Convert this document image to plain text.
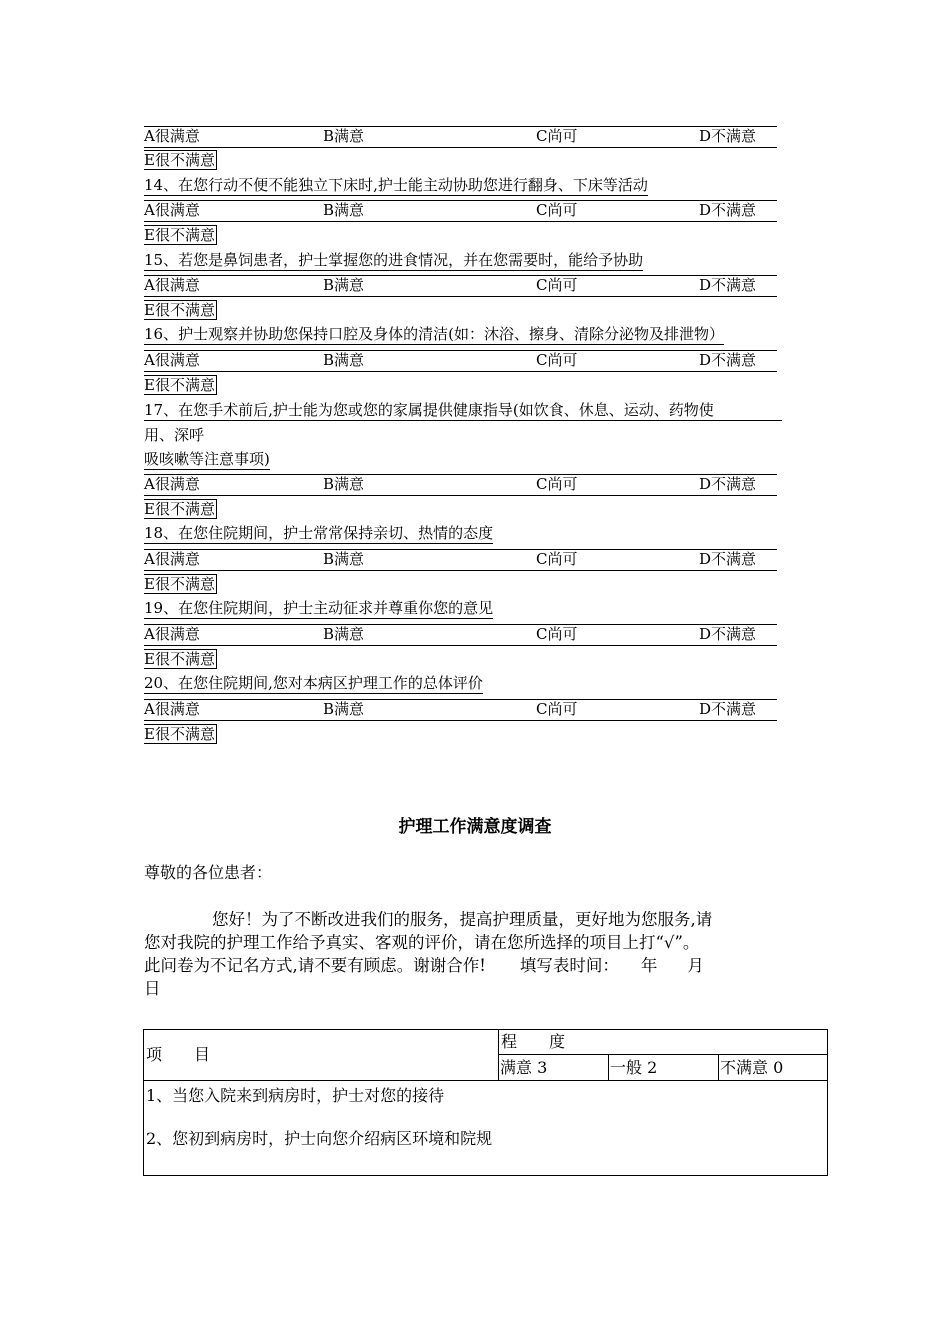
A很满意	B满意	C尚可	D不满意
E很不满意
14、在您行动不便不能独立下床时,护士能主动协助您进行翻身、下床等活动
A很满意	B满意	C尚可	D不满意
E很不满意
15、若您是鼻饲患者，护士掌握您的进食情况，并在您需要时，能给予协助
A很满意	B满意	C尚可	D不满意
E很不满意
16、护士观察并协助您保持口腔及身体的清洁(如：沐浴、擦身、清除分泌物及排泄物）
A很满意	B满意	C尚可	D不满意
E很不满意
17、在您手术前后,护士能为您或您的家属提供健康指导(如饮食、休息、运动、药物使
用、深呼
吸咳嗽等注意事项)
A很满意	B满意	C尚可	D不满意
E很不满意
18、在您住院期间，护士常常保持亲切、热情的态度
A很满意	B满意	C尚可	D不满意
E很不满意
19、在您住院期间，护士主动征求并尊重你您的意见
A很满意	B满意	C尚可	D不满意
E很不满意
20、在您住院期间,您对本病区护理工作的总体评价
A很满意	B满意	C尚可	D不满意
E很不满意
护理工作满意度调查
尊敬的各位患者：

您好！为了不断改进我们的服务，提高护理质量，更好地为您服务,请

您对我院的护理工作给予真实、客观的评价，请在您所选择的项目上打“√”。

此问卷为不记名方式,请不要有顾虑。谢谢合作! 填写表时间： 年 月

日

项　　目
程　　度
满意 3	一般 2	不满意 0
1、当您入院来到病房时，护士对您的接待
2、您初到病房时，护士向您介绍病区环境和院规
